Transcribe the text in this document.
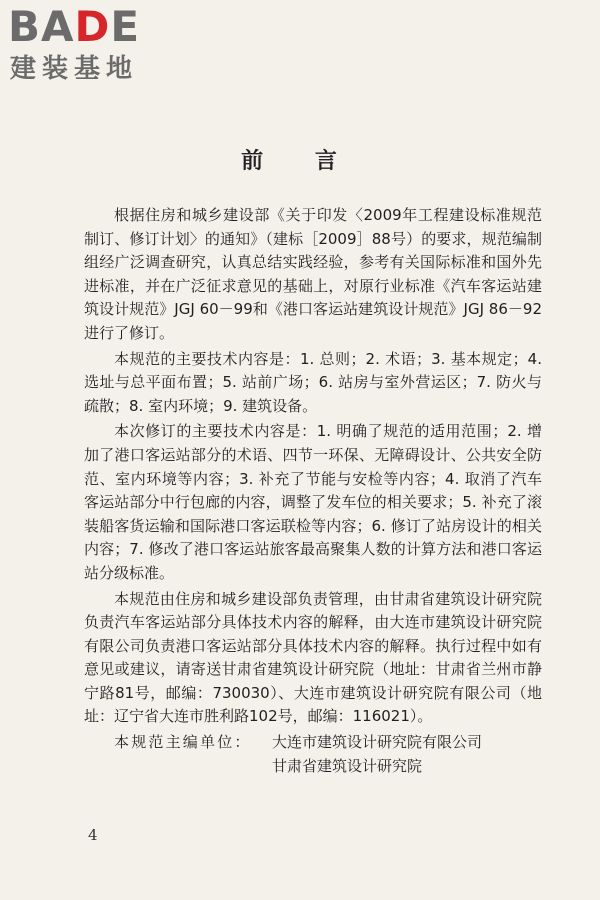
BADE
建装基地
前 言

根据住房和城乡建设部《关于印发〈2009年工程建设标准规范制订、修订计划〉的通知》（建标［2009］88号）的要求，规范编制组经广泛调查研究，认真总结实践经验，参考有关国际标准和国外先进标准，并在广泛征求意见的基础上，对原行业标准《汽车客运站建筑设计规范》JGJ 60－99和《港口客运站建筑设计规范》JGJ 86－92进行了修订。

本规范的主要技术内容是：1. 总则；2. 术语；3. 基本规定；4. 选址与总平面布置；5. 站前广场；6. 站房与室外营运区；7. 防火与疏散；8. 室内环境；9. 建筑设备。

本次修订的主要技术内容是：1. 明确了规范的适用范围；2. 增加了港口客运站部分的术语、四节一环保、无障碍设计、公共安全防范、室内环境等内容；3. 补充了节能与安检等内容；4. 取消了汽车客运站部分中行包廊的内容，调整了发车位的相关要求；5. 补充了滚装船客货运输和国际港口客运联检等内容；6. 修订了站房设计的相关内容；7. 修改了港口客运站旅客最高聚集人数的计算方法和港口客运站分级标准。

本规范由住房和城乡建设部负责管理，由甘肃省建筑设计研究院负责汽车客运站部分具体技术内容的解释，由大连市建筑设计研究院有限公司负责港口客运站部分具体技术内容的解释。执行过程中如有意见或建议，请寄送甘肃省建筑设计研究院（地址：甘肃省兰州市静宁路81号，邮编：730030）、大连市建筑设计研究院有限公司（地址：辽宁省大连市胜利路102号，邮编：116021）。

本规范主编单位：	大连市建筑设计研究院有限公司
甘肃省建筑设计研究院
4
